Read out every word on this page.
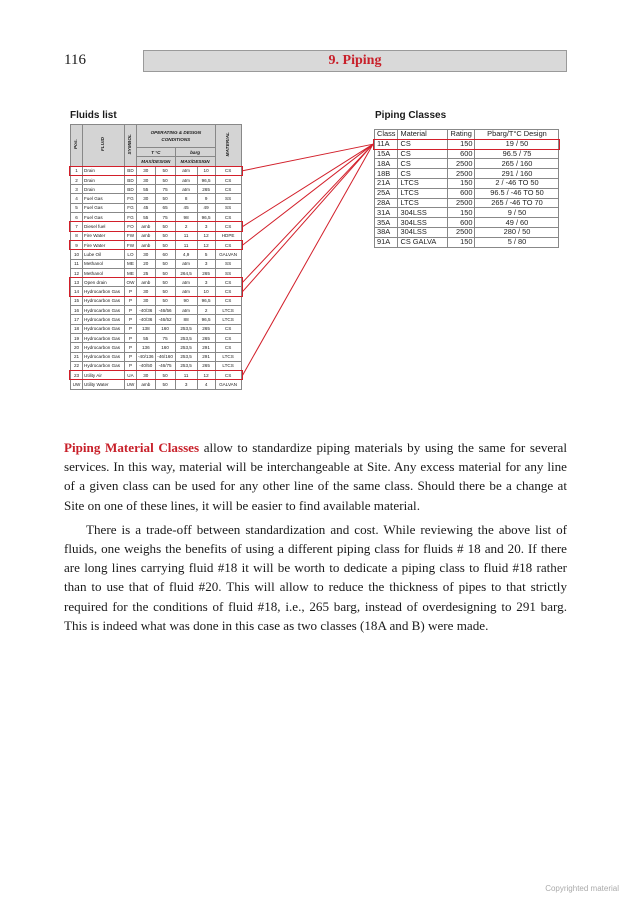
116	9. Piping
Fluids list	Piping Classes
Pos.	FLUID	SYMBOL	OPERATING & DESIGN CONDITIONS				MATERIAL
			T °C		barg		
			MAX/DESIGN		MAX/DESIGN		
1	Drain	BD	30	50	atm	10	CS
2	Drain	BD	30	50	atm	96,5	CS
3	Drain	BD	55	75	atm	265	CS
4	Fuel Gas	FG	30	50	8	9	SS
5	Fuel Gas	FG	45	65	45	49	SS
6	Fuel Gas	FG	55	75	98	96,5	CS
7	Diesel fuel	FO	amb	50	2	3	CS
8	Fire Water	FW	amb	50	11	12	HDPE
9	Fire Water	FW	amb	50	11	12	CS
10	Lube Oil	LO	30	60	4,9	5	GALVAN
11	Methanol	ME	20	50	atm	3	SS
12	Methanol	ME	25	50	264,5	265	SS
13	Open drain	OW	amb	50	atm	3	CS
14	Hydrocarbon Gas	P	30	50	atm	10	CS
15	Hydrocarbon Gas	P	30	50	90	96,5	CS
16	Hydrocarbon Gas	P	-40/36	-46/56	atm	2	LTCS
17	Hydrocarbon Gas	P	-40/36	-46/52	88	96,5	LTCS
18	Hydrocarbon Gas	P	138	160	253,5	265	CS
19	Hydrocarbon Gas	P	55	75	253,5	265	CS
20	Hydrocarbon Gas	P	136	160	253,5	291	CS
21	Hydrocarbon Gas	P	-40/136	-46/160	253,5	291	LTCS
22	Hydrocarbon Gas	P	-40/50	-46/75	253,5	265	LTCS
23	Utility Air	UA	30	50	11	12	CS
UW	Utility Water	UW	amb	50	3	4	GALVAN
Class	Material	Rating	Pbarg/T°C Design
11A	CS	150	19 / 50
15A	CS	600	96.5 / 75
18A	CS	2500	265 / 160
18B	CS	2500	291 / 160
21A	LTCS	150	2 / -46 TO 50
25A	LTCS	600	96.5 / -46 TO 50
28A	LTCS	2500	265 / -46 TO 70
31A	304LSS	150	9 / 50
35A	304LSS	600	49 / 60
38A	304LSS	2500	280 / 50
91A	CS GALVA	150	5 / 80

Piping Material Classes allow to standardize piping materials by using the same for several services. In this way, material will be interchangeable at Site. Any excess material for any line of a given class can be used for any other line of the same class. Should there be a change at Site on one of these lines, it will be easier to find available material.

There is a trade-off between standardization and cost. While reviewing the above list of fluids, one weighs the benefits of using a different piping class for fluids # 18 and 20. If there are long lines carrying fluid #18 it will be worth to dedicate a piping class to fluid #18 rather than to use that of fluid #20. This will allow to reduce the thickness of pipes to that strictly required for the conditions of fluid #18, i.e., 265 barg, instead of overdesigning to 291 barg. This is indeed what was done in this case as two classes (18A and B) were made.

Copyrighted material
